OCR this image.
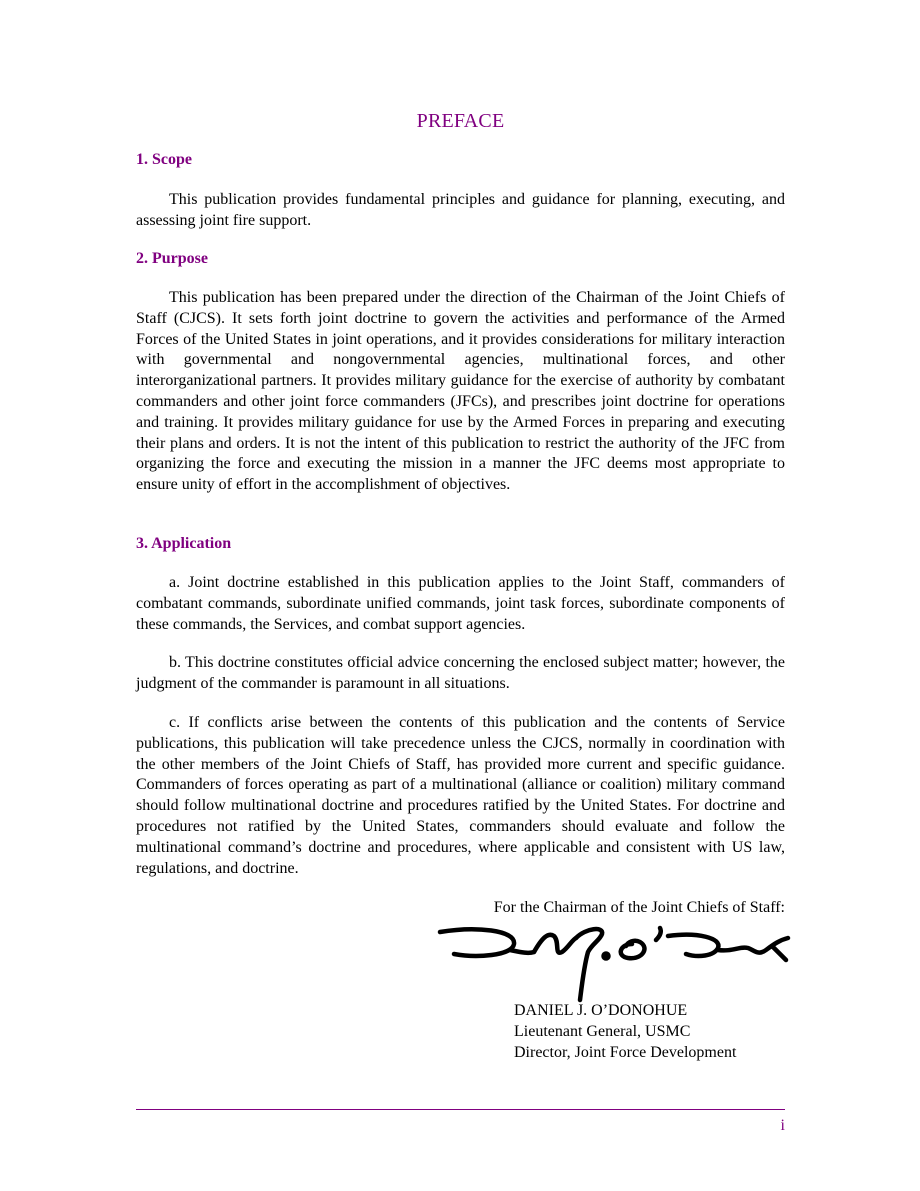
PREFACE
1. Scope

This publication provides fundamental principles and guidance for planning, executing, and assessing joint fire support.

2. Purpose

This publication has been prepared under the direction of the Chairman of the Joint Chiefs of Staff (CJCS). It sets forth joint doctrine to govern the activities and performance of the Armed Forces of the United States in joint operations, and it provides considerations for military interaction with governmental and nongovernmental agencies, multinational forces, and other interorganizational partners. It provides military guidance for the exercise of authority by combatant commanders and other joint force commanders (JFCs), and prescribes joint doctrine for operations and training. It provides military guidance for use by the Armed Forces in preparing and executing their plans and orders. It is not the intent of this publication to restrict the authority of the JFC from organizing the force and executing the mission in a manner the JFC deems most appropriate to ensure unity of effort in the accomplishment of objectives.

3. Application

a. Joint doctrine established in this publication applies to the Joint Staff, commanders of combatant commands, subordinate unified commands, joint task forces, subordinate components of these commands, the Services, and combat support agencies.

b. This doctrine constitutes official advice concerning the enclosed subject matter; however, the judgment of the commander is paramount in all situations.

c. If conflicts arise between the contents of this publication and the contents of Service publications, this publication will take precedence unless the CJCS, normally in coordination with the other members of the Joint Chiefs of Staff, has provided more current and specific guidance. Commanders of forces operating as part of a multinational (alliance or coalition) military command should follow multinational doctrine and procedures ratified by the United States. For doctrine and procedures not ratified by the United States, commanders should evaluate and follow the multinational command’s doctrine and procedures, where applicable and consistent with US law, regulations, and doctrine.

For the Chairman of the Joint Chiefs of Staff:
DANIEL J. O’DONOHUE
Lieutenant General, USMC
Director, Joint Force Development
i
